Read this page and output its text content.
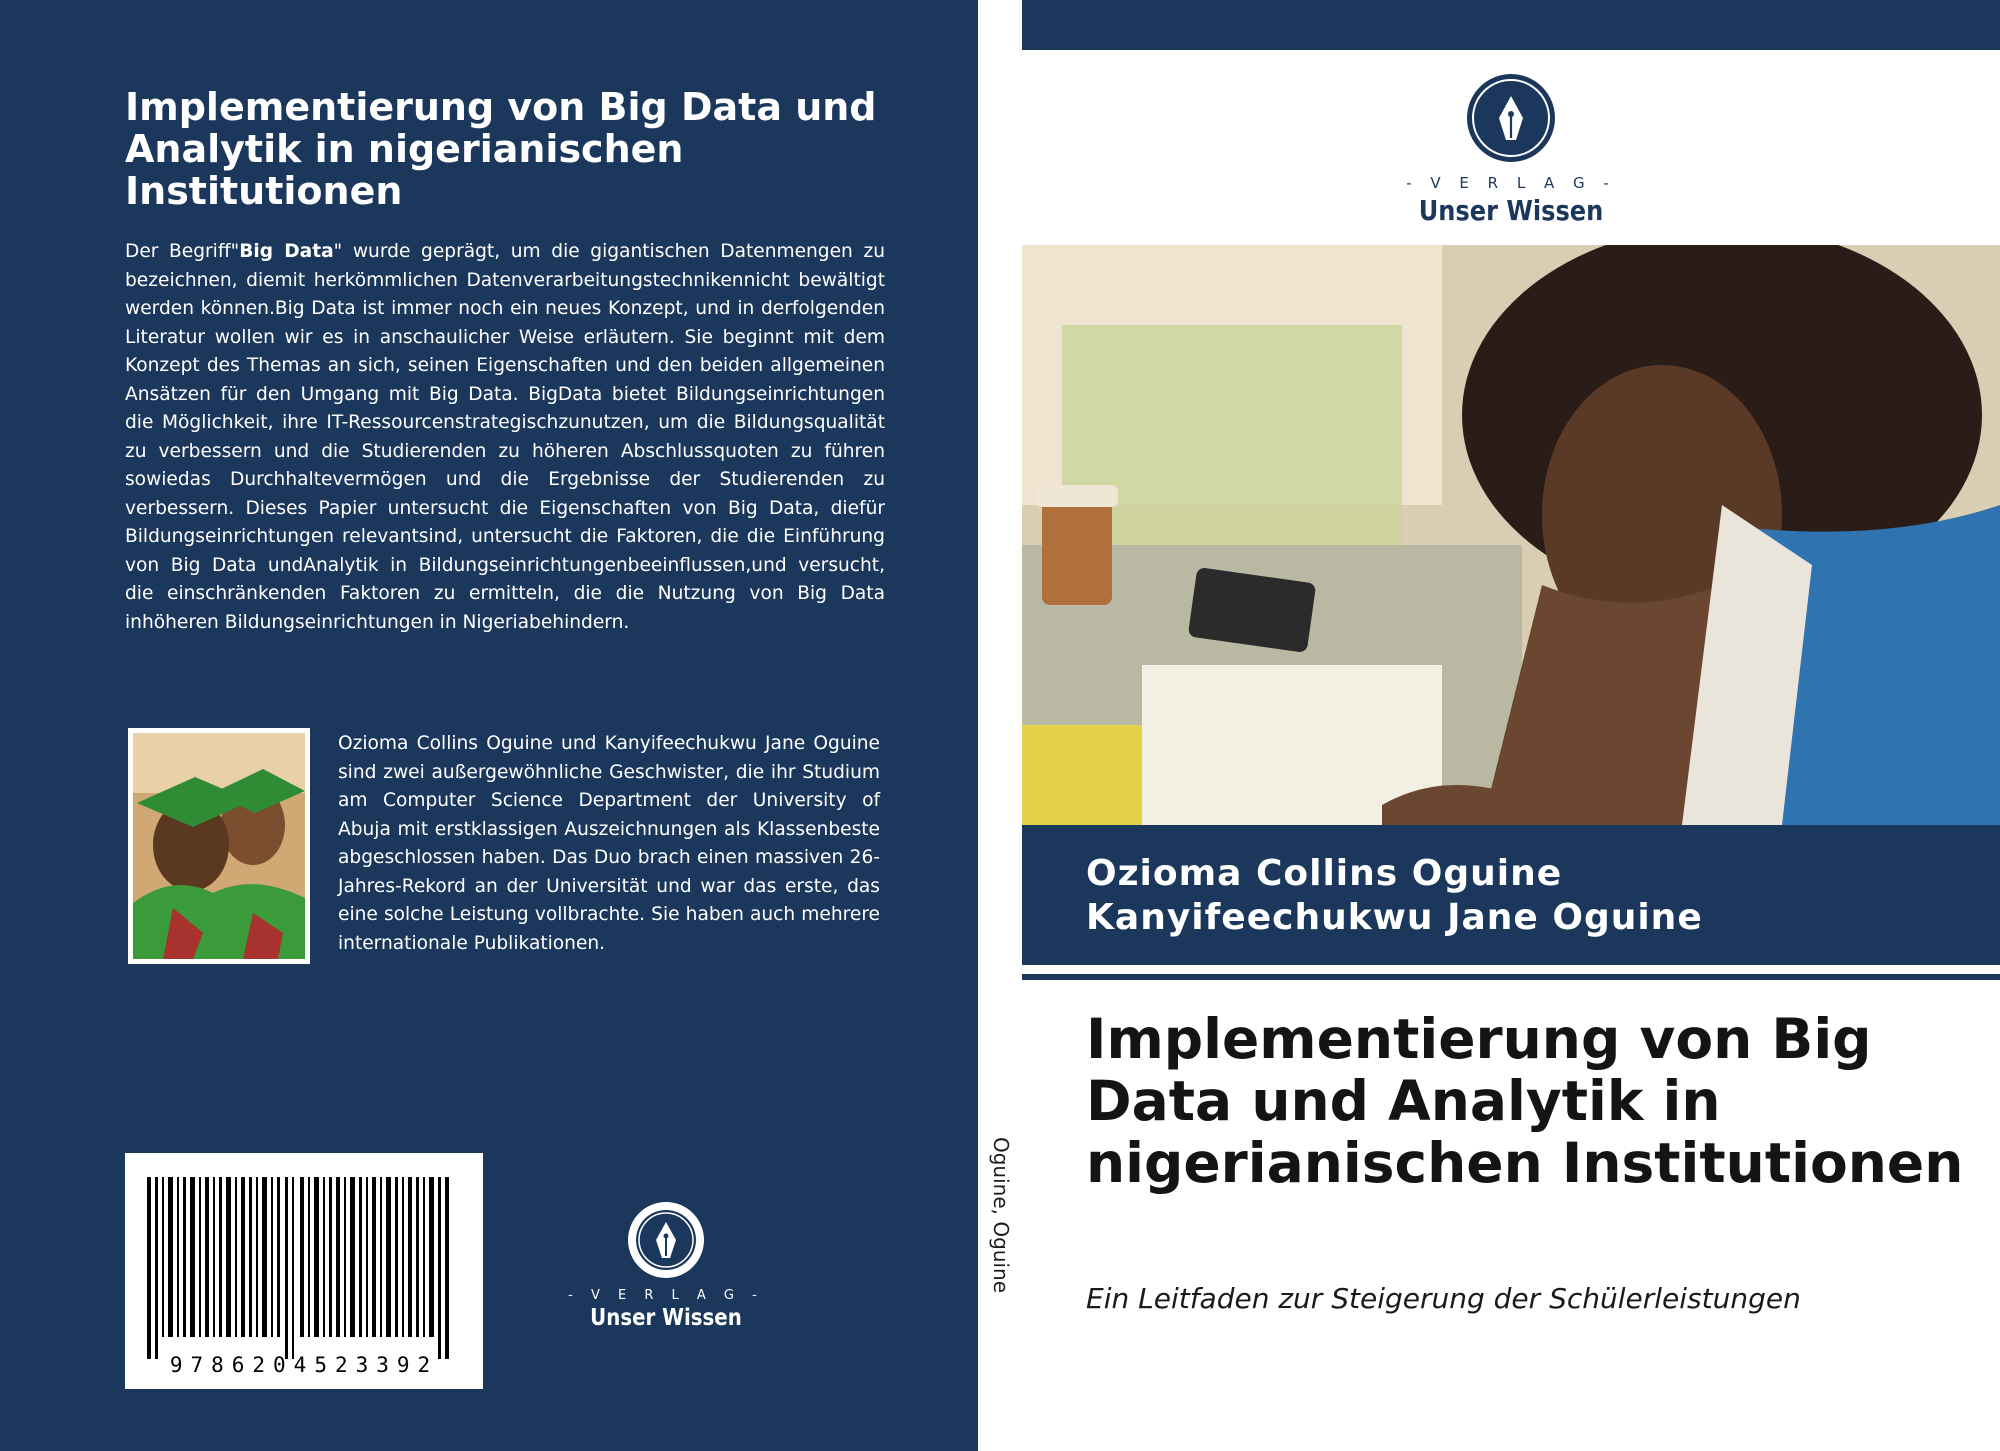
Implementierung von Big Data und Analytik in nigerianischen Institutionen

Der Begriff"Big Data" wurde geprägt, um die gigantischen Datenmengen zu bezeichnen, diemit herkömmlichen Datenverarbeitungstechnikennicht bewältigt werden können.Big Data ist immer noch ein neues Konzept, und in derfolgenden Literatur wollen wir es in anschaulicher Weise erläutern. Sie beginnt mit dem Konzept des Themas an sich, seinen Eigenschaften und den beiden allgemeinen Ansätzen für den Umgang mit Big Data. BigData bietet Bildungseinrichtungen die Möglichkeit, ihre IT-Ressourcenstrategischzunutzen, um die Bildungsqualität zu verbessern und die Studierenden zu höheren Abschlussquoten zu führen sowiedas Durchhaltevermögen und die Ergebnisse der Studierenden zu verbessern. Dieses Papier untersucht die Eigenschaften von Big Data, diefür Bildungseinrichtungen relevantsind, untersucht die Faktoren, die die Einführung von Big Data undAnalytik in Bildungseinrichtungenbeeinflussen,und versucht, die einschränkenden Faktoren zu ermitteln, die die Nutzung von Big Data inhöheren Bildungseinrichtungen in Nigeriabehindern.

Ozioma Collins Oguine und Kanyifeechukwu Jane Oguine sind zwei außergewöhnliche Geschwister, die ihr Studium am Computer Science Department der University of Abuja mit erstklassigen Auszeichnungen als Klassenbeste abgeschlossen haben. Das Duo brach einen massiven 26-Jahres-Rekord an der Universität und war das erste, das eine solche Leistung vollbrachte. Sie haben auch mehrere internationale Publikationen.

9786204523392
- V E R L A G -
Unser Wissen
Oguine, Oguine
- V E R L A G -
Unser Wissen
Ozioma Collins Oguine
Kanyifeechukwu Jane Oguine
Implementierung von Big Data und Analytik in nigerianischen Institutionen
Ein Leitfaden zur Steigerung der Schülerleistungen
